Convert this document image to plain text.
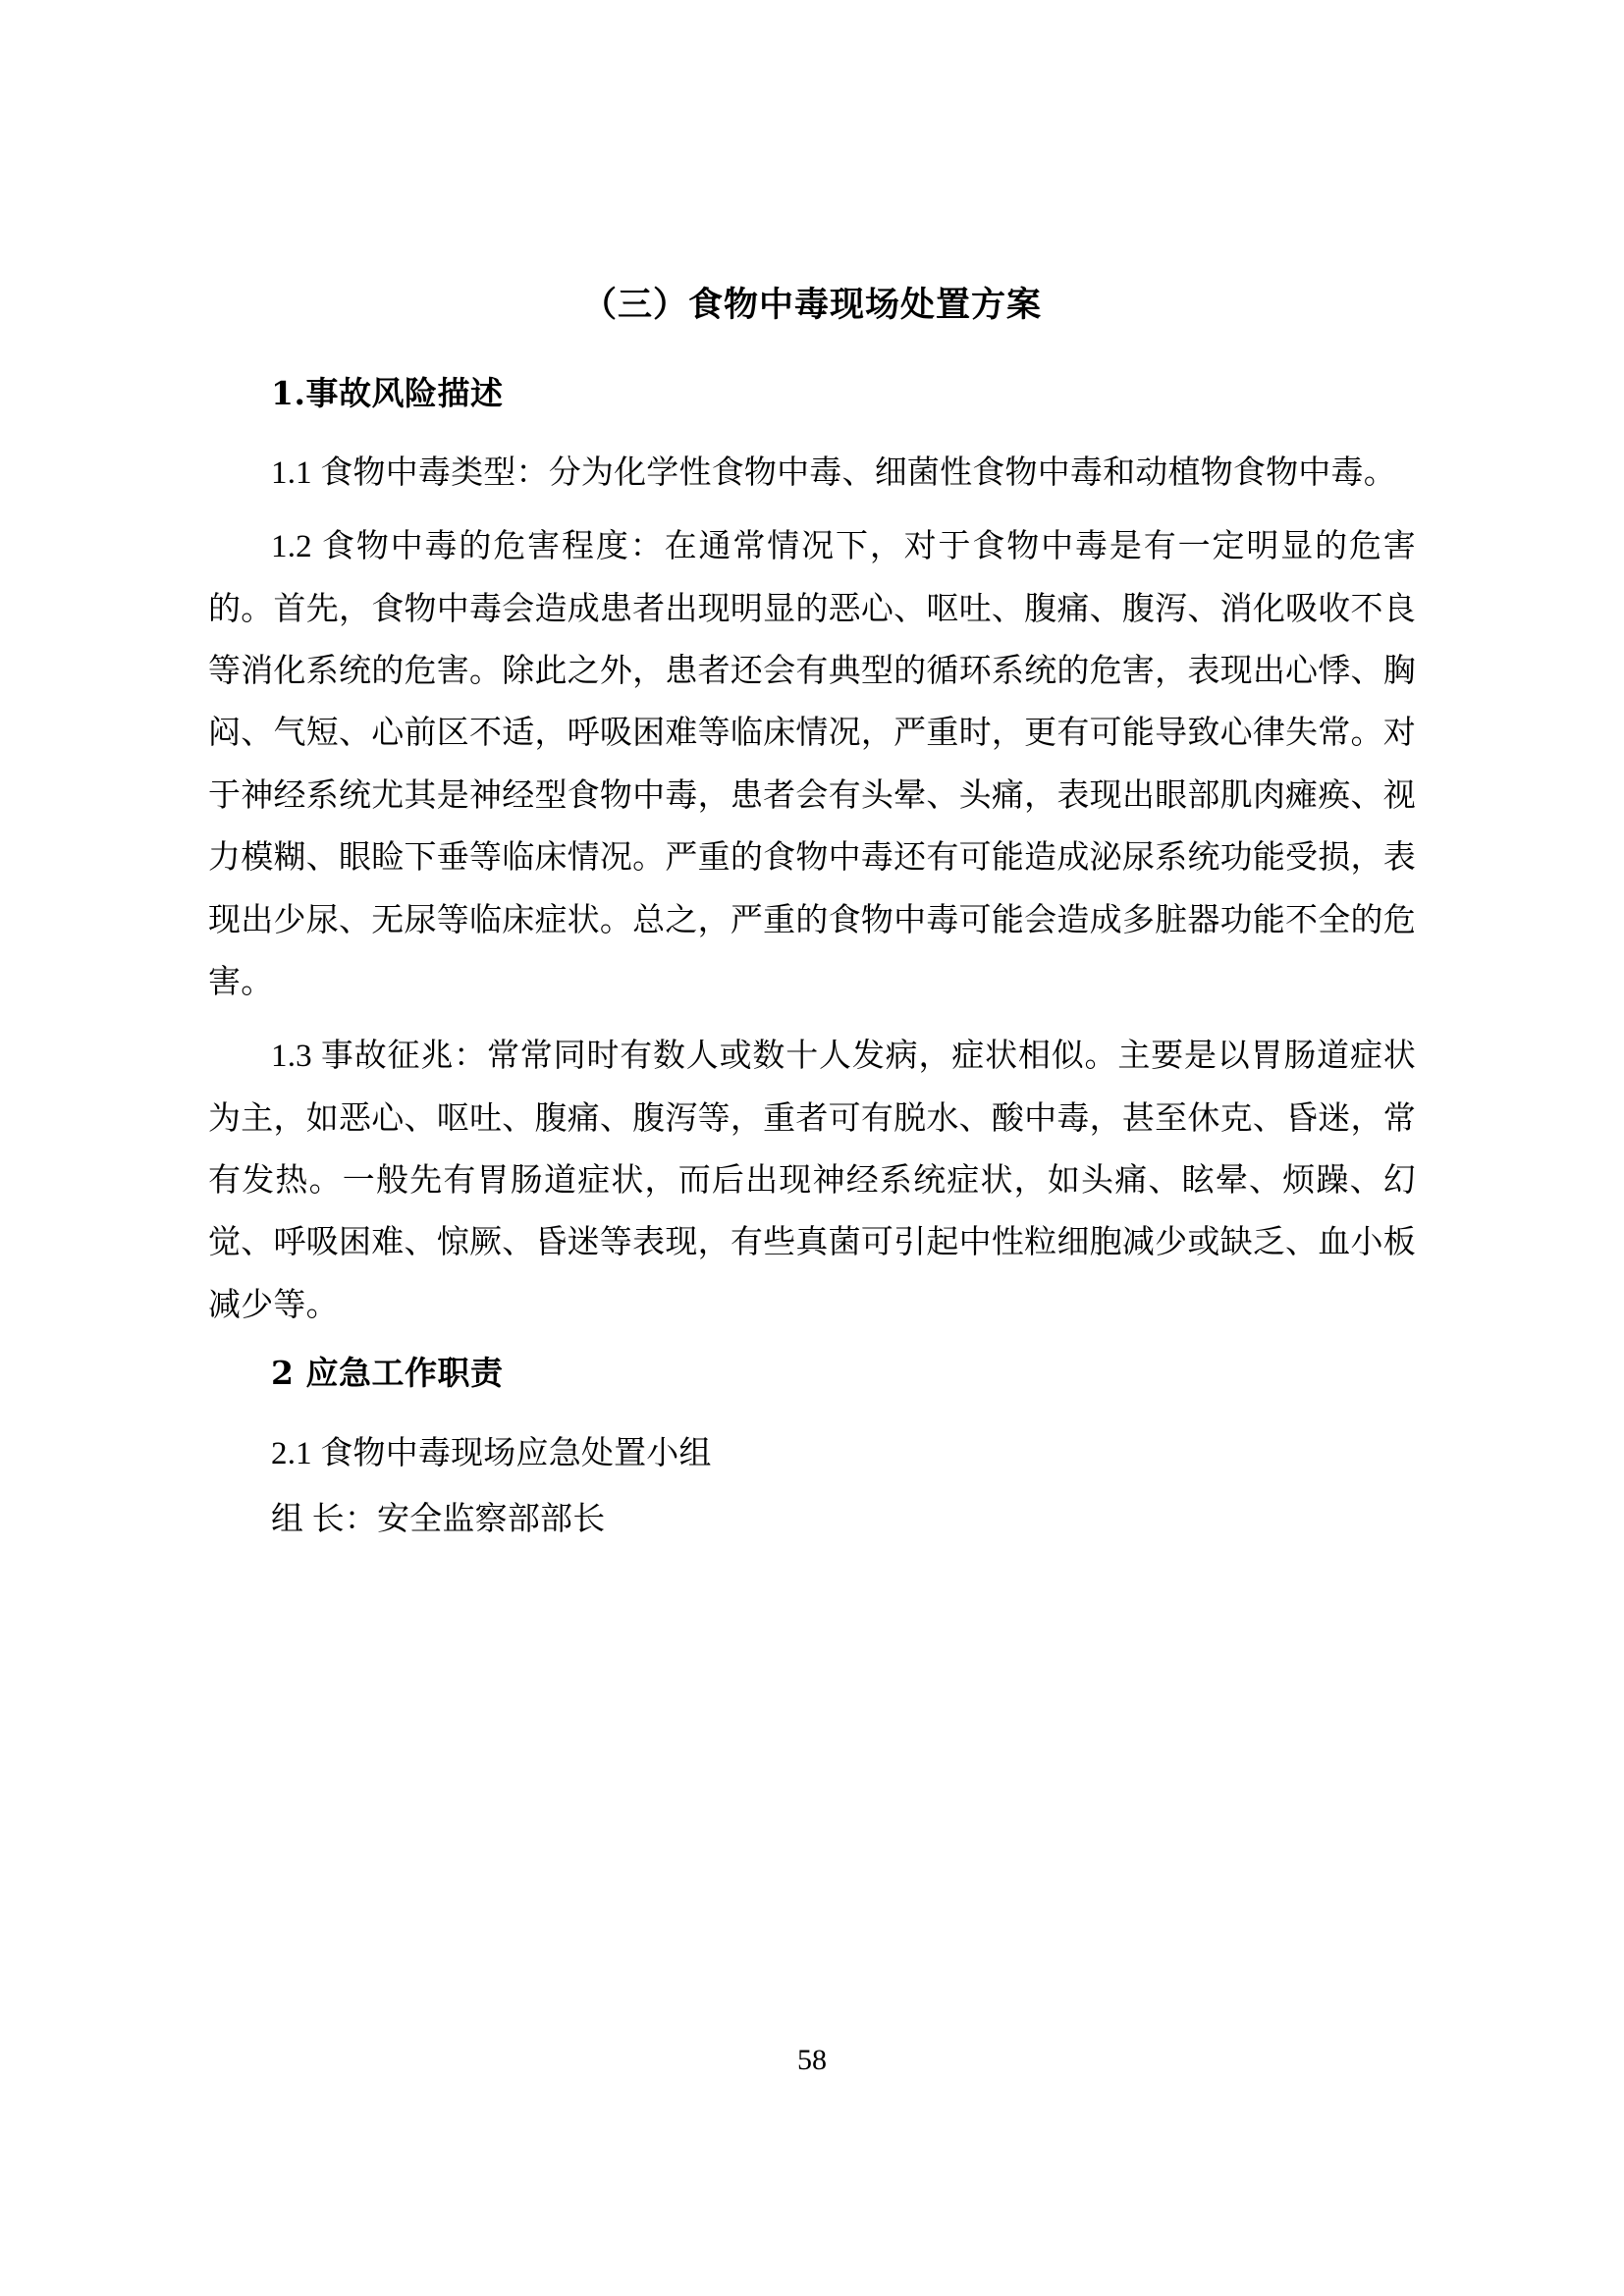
（三）食物中毒现场处置方案
1.事故风险描述

1.1 食物中毒类型：分为化学性食物中毒、细菌性食物中毒和动植物食物中毒。

1.2 食物中毒的危害程度：在通常情况下，对于食物中毒是有一定明显的危害的。首先，食物中毒会造成患者出现明显的恶心、呕吐、腹痛、腹泻、消化吸收不良等消化系统的危害。除此之外，患者还会有典型的循环系统的危害，表现出心悸、胸闷、气短、心前区不适，呼吸困难等临床情况，严重时，更有可能导致心律失常。对于神经系统尤其是神经型食物中毒，患者会有头晕、头痛，表现出眼部肌肉瘫痪、视力模糊、眼睑下垂等临床情况。严重的食物中毒还有可能造成泌尿系统功能受损，表现出少尿、无尿等临床症状。总之，严重的食物中毒可能会造成多脏器功能不全的危害。

1.3 事故征兆：常常同时有数人或数十人发病，症状相似。主要是以胃肠道症状为主，如恶心、呕吐、腹痛、腹泻等，重者可有脱水、酸中毒，甚至休克、昏迷，常有发热。一般先有胃肠道症状，而后出现神经系统症状，如头痛、眩晕、烦躁、幻觉、呼吸困难、惊厥、昏迷等表现，有些真菌可引起中性粒细胞减少或缺乏、血小板减少等。

2 应急工作职责

2.1 食物中毒现场应急处置小组

组 长：安全监察部部长

58
